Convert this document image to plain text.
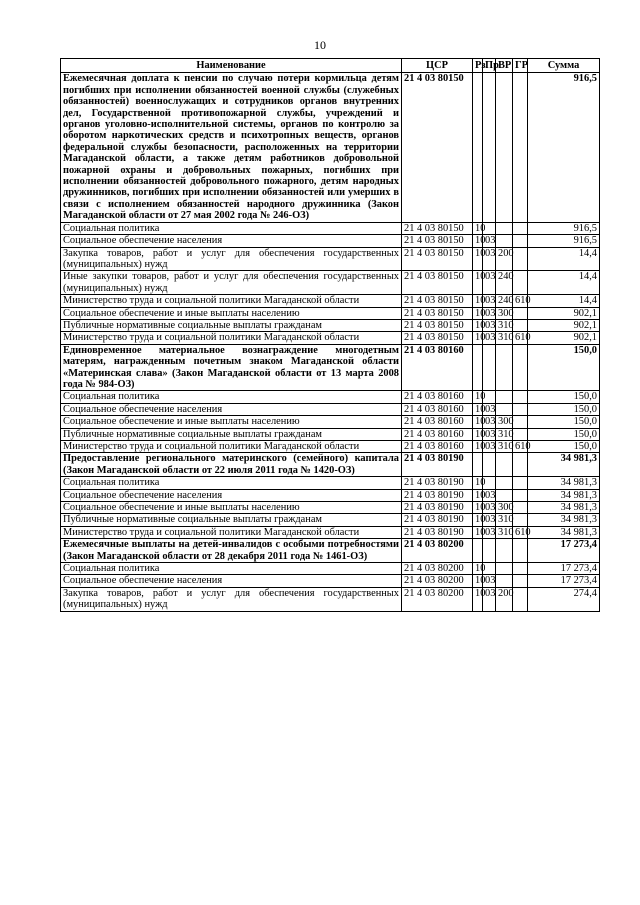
10
Наименование	ЦСР	Рз	Пр	ВР	ГР	Сумма
Ежемесячная доплата к пенсии по случаю потери кормильца детям погибших при исполнении обязанностей военной службы (служебных обязанностей) военнослужащих и сотрудников органов внутренних дел, Государственной противопожарной службы, учреждений и органов уголовно-исполнительной системы, органов по контролю за оборотом наркотических средств и психотропных веществ, органов федеральной службы безопасности, расположенных на территории Магаданской области, а также детям работников добровольной пожарной охраны и добровольных пожарных, погибших при исполнении обязанностей добровольного пожарного, детям народных дружинников, погибших при исполнении обязанностей или умерших в связи с исполнением обязанностей народного дружинника (Закон Магаданской области от 27 мая 2002 года № 246-ОЗ)	21 4 03 80150					916,5
Социальная политика	21 4 03 80150	10				916,5
Социальное обеспечение населения	21 4 03 80150	10	03			916,5
Закупка товаров, работ и услуг для обеспечения государственных (муниципальных) нужд	21 4 03 80150	10	03	200		14,4
Иные закупки товаров, работ и услуг для обеспечения государственных (муниципальных) нужд	21 4 03 80150	10	03	240		14,4
Министерство труда и социальной политики Магаданской области	21 4 03 80150	10	03	240	610	14,4
Социальное обеспечение и иные выплаты населению	21 4 03 80150	10	03	300		902,1
Публичные нормативные социальные выплаты гражданам	21 4 03 80150	10	03	310		902,1
Министерство труда и социальной политики Магаданской области	21 4 03 80150	10	03	310	610	902,1
Единовременное материальное вознаграждение многодетным матерям, награжденным почетным знаком Магаданской области «Материнская слава» (Закон Магаданской области от 13 марта 2008 года № 984-ОЗ)	21 4 03 80160					150,0
Социальная политика	21 4 03 80160	10				150,0
Социальное обеспечение населения	21 4 03 80160	10	03			150,0
Социальное обеспечение и иные выплаты населению	21 4 03 80160	10	03	300		150,0
Публичные нормативные социальные выплаты гражданам	21 4 03 80160	10	03	310		150,0
Министерство труда и социальной политики Магаданской области	21 4 03 80160	10	03	310	610	150,0
Предоставление регионального материнского (семейного) капитала (Закон Магаданской области от 22 июля 2011 года № 1420-ОЗ)	21 4 03 80190					34 981,3
Социальная политика	21 4 03 80190	10				34 981,3
Социальное обеспечение населения	21 4 03 80190	10	03			34 981,3
Социальное обеспечение и иные выплаты населению	21 4 03 80190	10	03	300		34 981,3
Публичные нормативные социальные выплаты гражданам	21 4 03 80190	10	03	310		34 981,3
Министерство труда и социальной политики Магаданской области	21 4 03 80190	10	03	310	610	34 981,3
Ежемесячные выплаты на детей-инвалидов с особыми потребностями (Закон Магаданской области от 28 декабря 2011 года № 1461-ОЗ)	21 4 03 80200					17 273,4
Социальная политика	21 4 03 80200	10				17 273,4
Социальное обеспечение населения	21 4 03 80200	10	03			17 273,4
Закупка товаров, работ и услуг для обеспечения государственных (муниципальных) нужд	21 4 03 80200	10	03	200		274,4
